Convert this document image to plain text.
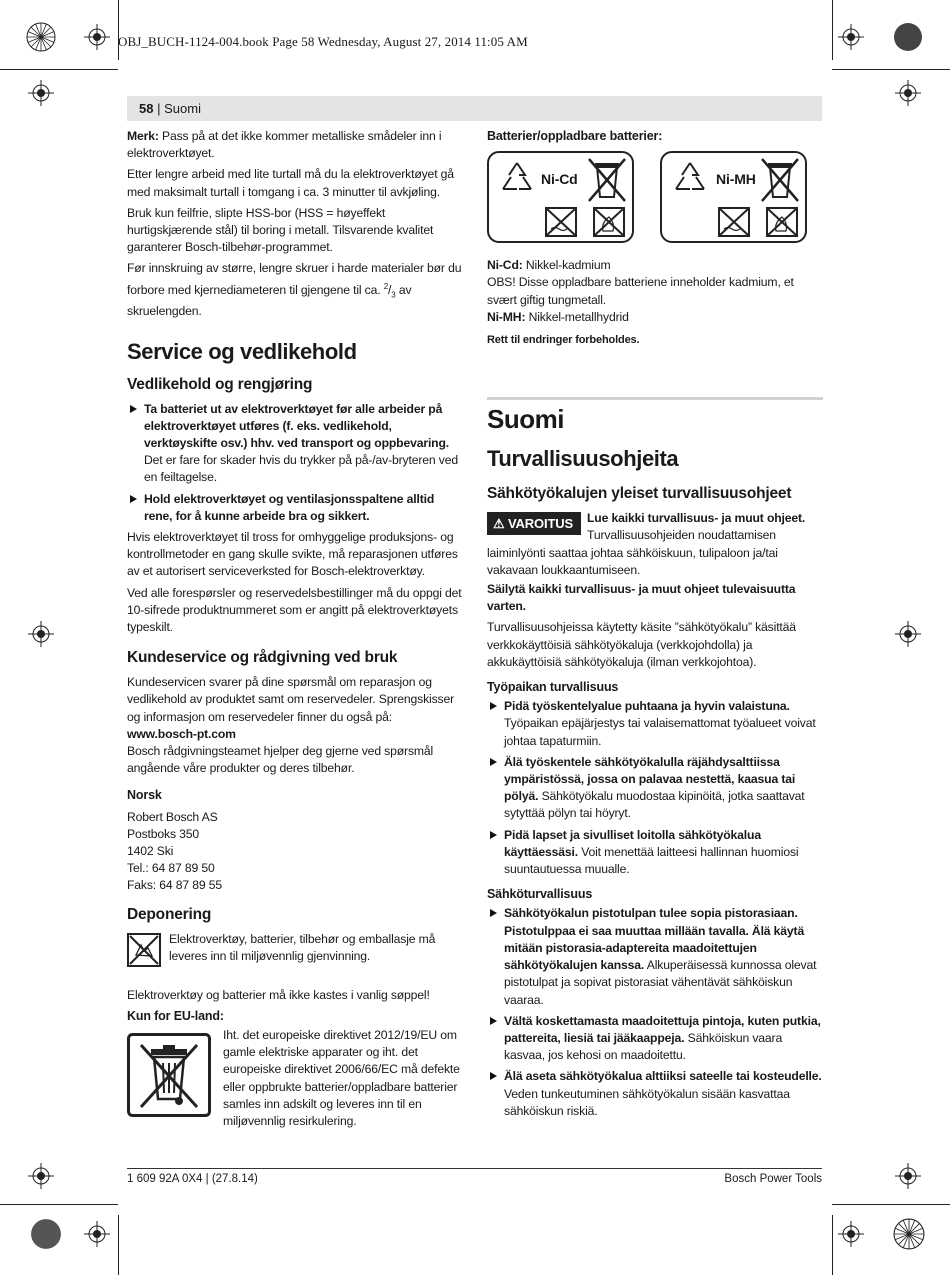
OBJ_BUCH-1124-004.book Page 58 Wednesday, August 27, 2014 11:05 AM
58 | Suomi

Merk: Pass på at det ikke kommer metalliske smådeler inn i elektroverktøyet.

Etter lengre arbeid med lite turtall må du la elektroverktøyet gå med maksimalt turtall i tomgang i ca. 3 minutter til avkjøling.

Bruk kun feilfrie, slipte HSS-bor (HSS = høyeffekt hurtigskjærende stål) til boring i metall. Tilsvarende kvalitet garanterer Bosch-tilbehør-programmet.

Før innskruing av større, lengre skruer i harde materialer bør du forbore med kjernediameteren til gjengene til ca. $^2/_3$ av skruelengden.

Service og vedlikehold
Vedlikehold og rengjøring

Ta batteriet ut av elektroverktøyet før alle arbeider på elektroverktøyet utføres (f. eks. vedlikehold, verktøyskifte osv.) hhv. ved transport og oppbevaring. Det er fare for skader hvis du trykker på på-/av-bryteren ved en feiltagelse.

Hold elektroverktøyet og ventilasjonsspaltene alltid rene, for å kunne arbeide bra og sikkert.

Hvis elektroverktøyet til tross for omhyggelige produksjons- og kontrollmetoder en gang skulle svikte, må reparasjonen utføres av et autorisert serviceverksted for Bosch-elektroverktøy.

Ved alle forespørsler og reservedelsbestillinger må du oppgi det 10-sifrede produktnummeret som er angitt på elektroverktøyets typeskilt.

Kundeservice og rådgivning ved bruk

Kundeservicen svarer på dine spørsmål om reparasjon og vedlikehold av produktet samt om reservedeler. Sprengskisser og informasjon om reservedeler finner du også på:

www.bosch-pt.com

Bosch rådgivningsteamet hjelper deg gjerne ved spørsmål angående våre produkter og deres tilbehør.

Norsk
Robert Bosch AS
Postboks 350
1402 Ski
Tel.: 64 87 89 50
Faks: 64 87 89 55
Deponering

Elektroverktøy, batterier, tilbehør og emballasje må leveres inn til miljøvennlig gjenvinning.

Elektroverktøy og batterier må ikke kastes i vanlig søppel!

Kun for EU-land:

Iht. det europeiske direktivet 2012/19/EU om gamle elektriske apparater og iht. det europeiske direktivet 2006/66/EC må defekte eller oppbrukte batterier/oppladbare batterier samles inn adskilt og leveres inn til en miljøvennlig resirkulering.

Batterier/oppladbare batterier:
Ni-Cd	Ni-MH

Ni-Cd: Nikkel-kadmium

OBS! Disse oppladbare batteriene inneholder kadmium, et svært giftig tungmetall.

Ni-MH: Nikkel-metallhydrid

Rett til endringer forbeholdes.

Suomi
Turvallisuusohjeita
Sähkötyökalujen yleiset turvallisuusohjeet

⚠ VAROITUS	Lue kaikki turvallisuus- ja muut ohjeet. Turvallisuusohjeiden noudattamisen laiminlyönti saattaa johtaa sähköiskuun, tulipaloon ja/tai vakavaan loukkaantumiseen.

Säilytä kaikki turvallisuus- ja muut ohjeet tulevaisuutta varten.

Turvallisuusohjeissa käytetty käsite ”sähkötyökalu” käsittää verkkokäyttöisiä sähkötyökaluja (verkkojohdolla) ja akkukäyttöisiä sähkötyökaluja (ilman verkkojohtoa).

Työpaikan turvallisuus

Pidä työskentelyalue puhtaana ja hyvin valaistuna. Työpaikan epäjärjestys tai valaisemattomat työalueet voivat johtaa tapaturmiin.

Älä työskentele sähkötyökalulla räjähdysalttiissa ympäristössä, jossa on palavaa nestettä, kaasua tai pölyä. Sähkötyökalu muodostaa kipinöitä, jotka saattavat sytyttää pölyn tai höyryt.

Pidä lapset ja sivulliset loitolla sähkötyökalua käyttäessäsi. Voit menettää laitteesi hallinnan huomiosi suuntautuessa muualle.

Sähköturvallisuus

Sähkötyökalun pistotulpan tulee sopia pistorasiaan. Pistotulppaa ei saa muuttaa millään tavalla. Älä käytä mitään pistorasia-adaptereita maadoitettujen sähkötyökalujen kanssa. Alkuperäisessä kunnossa olevat pistotulpat ja sopivat pistorasiat vähentävät sähköiskun vaaraa.

Vältä koskettamasta maadoitettuja pintoja, kuten putkia, pattereita, liesiä tai jääkaappeja. Sähköiskun vaara kasvaa, jos kehosi on maadoitettu.

Älä aseta sähkötyökalua alttiiksi sateelle tai kosteudelle. Veden tunkeutuminen sähkötyökalun sisään kasvattaa sähköiskun riskiä.

1 609 92A 0X4 | (27.8.14)	Bosch Power Tools
